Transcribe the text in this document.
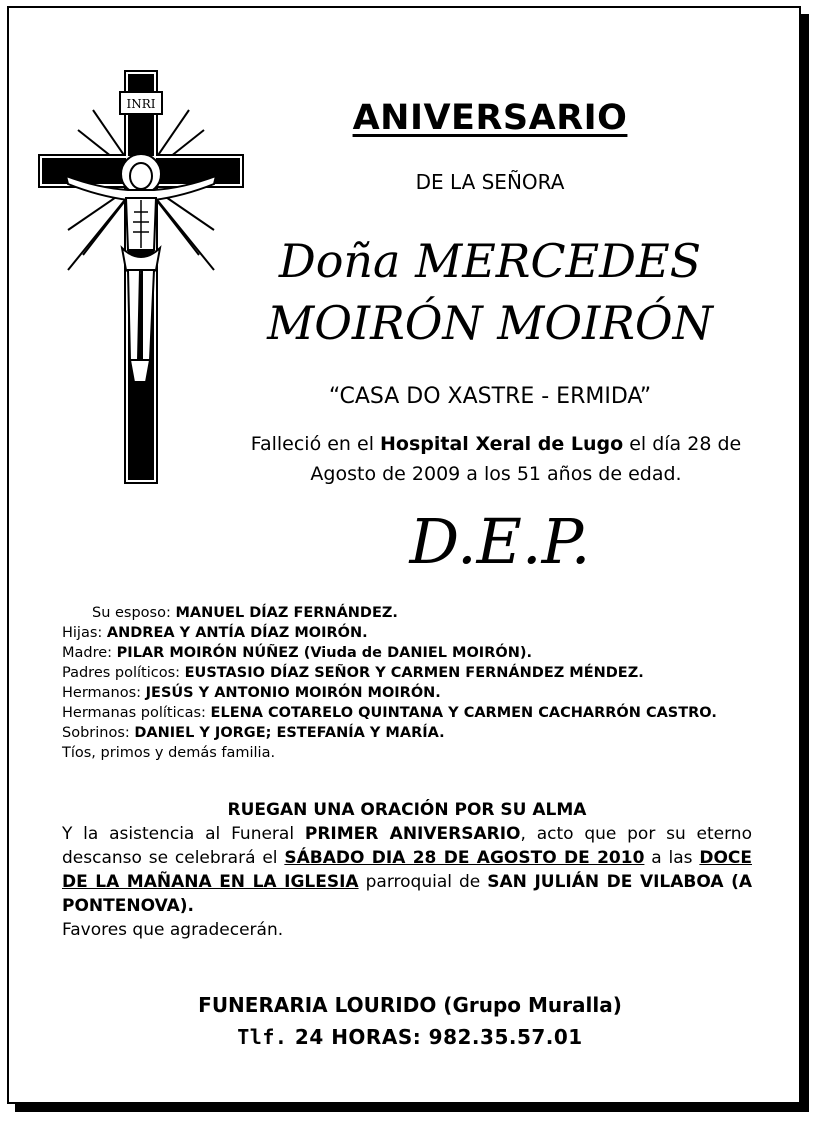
INRI	ANIVERSARIO
DE LA SEÑORA
Doña MERCEDES
MOIRÓN MOIRÓN
“CASA DO XASTRE - ERMIDA”
Falleció en el Hospital Xeral de Lugo el día 28 de
Agosto de 2009 a los 51 años de edad.
D.E.P.
Su esposo: MANUEL DÍAZ FERNÁNDEZ.
Hijas: ANDREA Y ANTÍA DÍAZ MOIRÓN.
Madre: PILAR MOIRÓN NÚÑEZ (Viuda de DANIEL MOIRÓN).
Padres políticos: EUSTASIO DÍAZ SEÑOR Y CARMEN FERNÁNDEZ MÉNDEZ.
Hermanos: JESÚS Y ANTONIO MOIRÓN MOIRÓN.
Hermanas políticas: ELENA COTARELO QUINTANA Y CARMEN CACHARRÓN CASTRO.
Sobrinos: DANIEL Y JORGE; ESTEFANÍA Y MARÍA.
Tíos, primos y demás familia.
RUEGAN UNA ORACIÓN POR SU ALMA
Y la asistencia al Funeral PRIMER ANIVERSARIO, acto que por su eterno descanso se celebrará el SÁBADO DIA 28 DE AGOSTO DE 2010 a las DOCE DE LA MAÑANA EN LA IGLESIA parroquial de SAN JULIÁN DE VILABOA (A PONTENOVA).
Favores que agradecerán.
FUNERARIA LOURIDO (Grupo Muralla)
Tlf. 24 HORAS: 982.35.57.01
